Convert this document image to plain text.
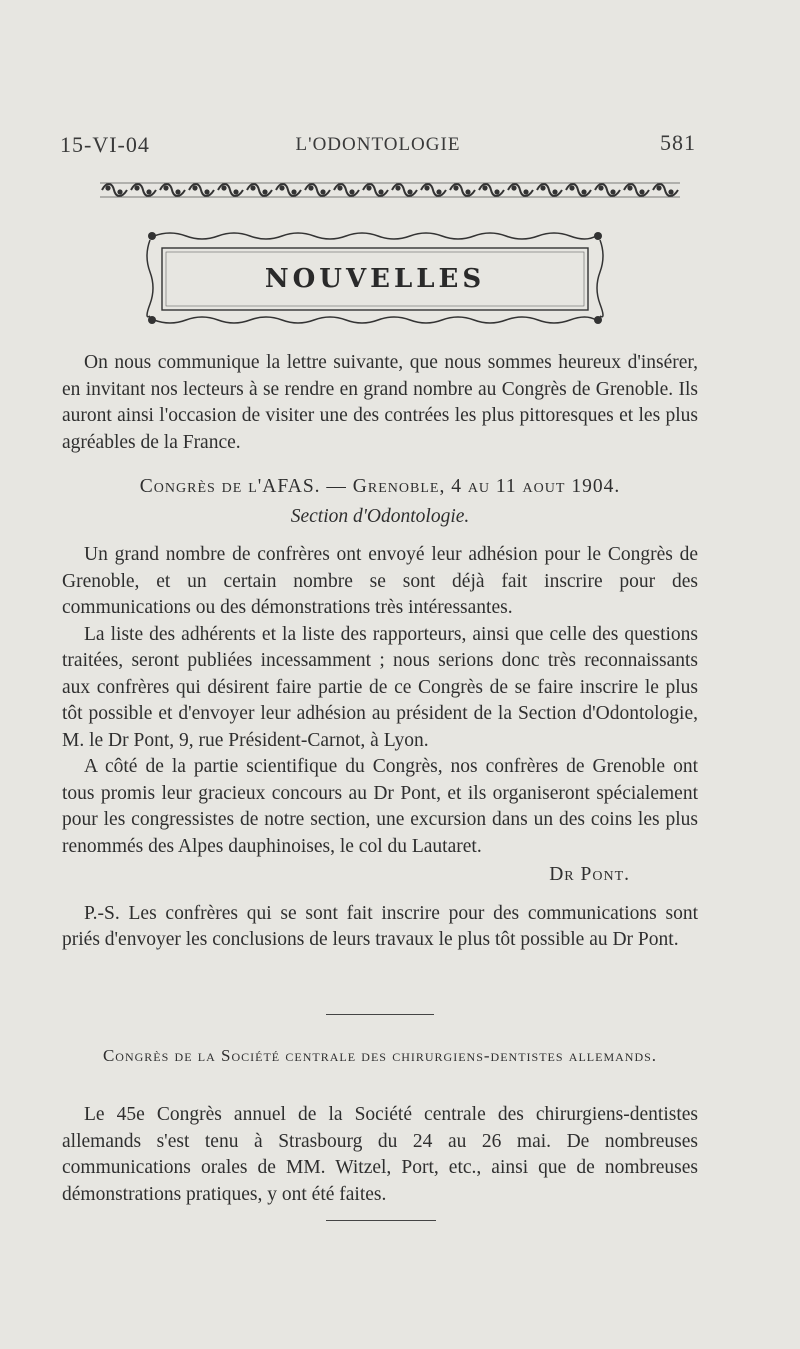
15-VI-04	L'ODONTOLOGIE	581
NOUVELLES

On nous communique la lettre suivante, que nous sommes heureux d'insérer, en invitant nos lecteurs à se rendre en grand nombre au Congrès de Grenoble. Ils auront ainsi l'occasion de visiter une des contrées les plus pittoresques et les plus agréables de la France.

Congrès de l'AFAS. — Grenoble, 4 au 11 aout 1904.
Section d'Odontologie.

Un grand nombre de confrères ont envoyé leur adhésion pour le Congrès de Grenoble, et un certain nombre se sont déjà fait inscrire pour des communications ou des démonstrations très intéressantes.

La liste des adhérents et la liste des rapporteurs, ainsi que celle des questions traitées, seront publiées incessamment ; nous serions donc très reconnaissants aux confrères qui désirent faire partie de ce Congrès de se faire inscrire le plus tôt possible et d'envoyer leur adhésion au président de la Section d'Odontologie, M. le Dr Pont, 9, rue Président-Carnot, à Lyon.

A côté de la partie scientifique du Congrès, nos confrères de Grenoble ont tous promis leur gracieux concours au Dr Pont, et ils organiseront spécialement pour les congressistes de notre section, une excursion dans un des coins les plus renommés des Alpes dauphinoises, le col du Lautaret.

Dr Pont.

P.-S. Les confrères qui se sont fait inscrire pour des communications sont priés d'envoyer les conclusions de leurs travaux le plus tôt possible au Dr Pont.

Congrès de la Société centrale des chirurgiens-dentistes allemands.

Le 45e Congrès annuel de la Société centrale des chirurgiens-dentistes allemands s'est tenu à Strasbourg du 24 au 26 mai. De nombreuses communications orales de MM. Witzel, Port, etc., ainsi que de nombreuses démonstrations pratiques, y ont été faites.
